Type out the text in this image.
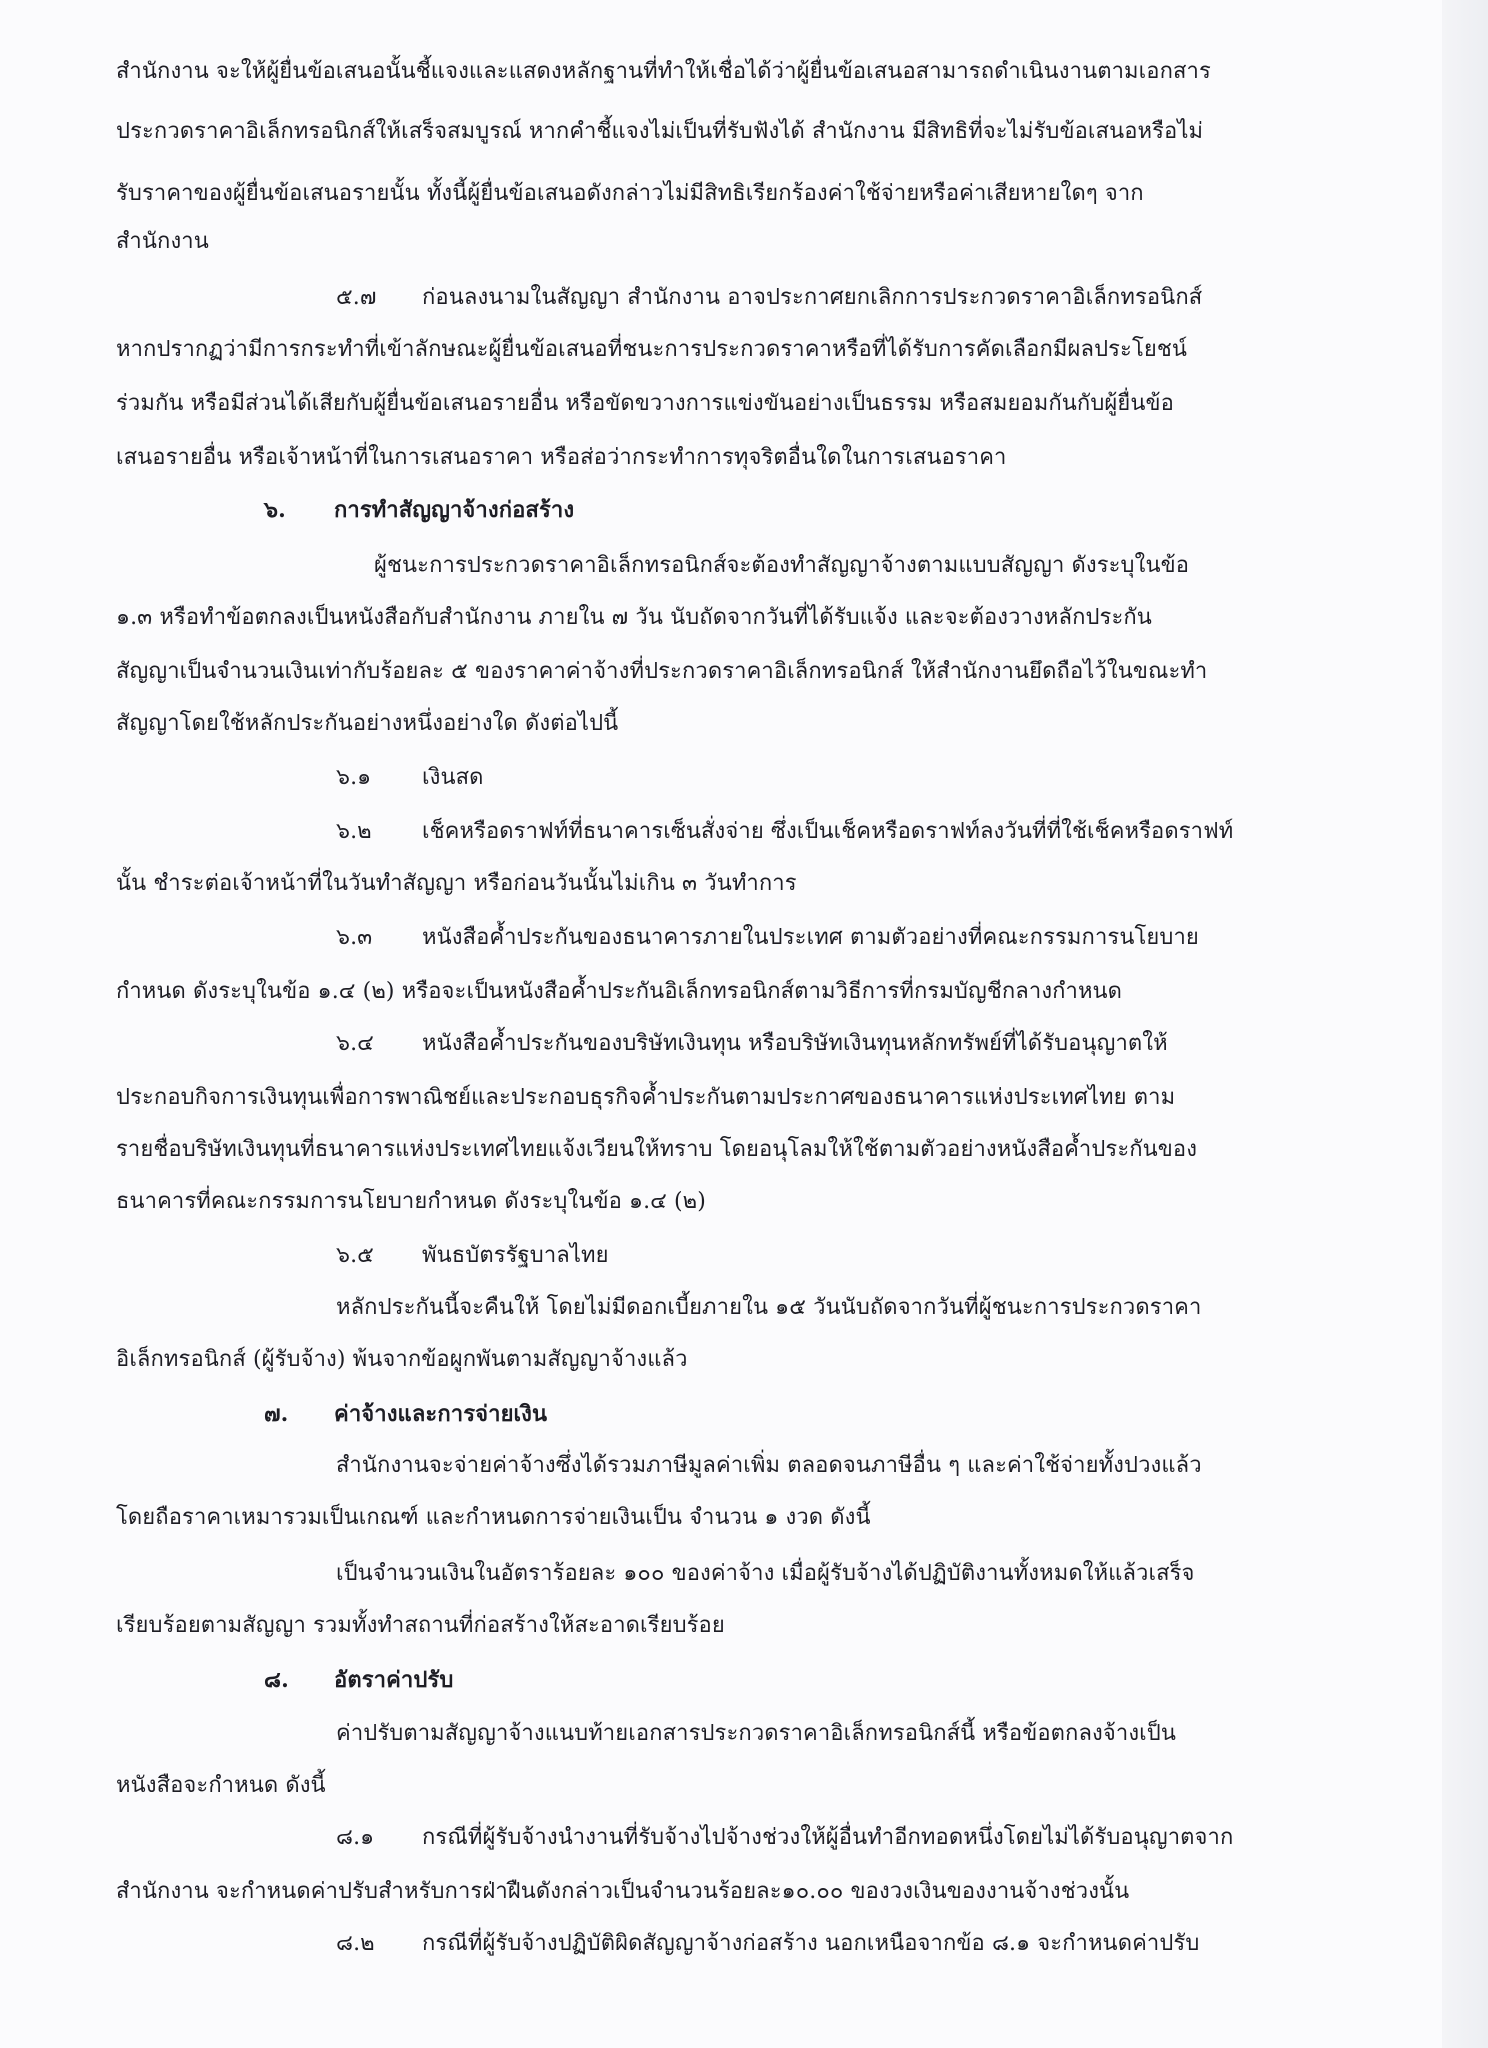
สำนักงาน จะให้ผู้ยื่นข้อเสนอนั้นชี้แจงและแสดงหลักฐานที่ทำให้เชื่อได้ว่าผู้ยื่นข้อเสนอสามารถดำเนินงานตามเอกสาร
ประกวดราคาอิเล็กทรอนิกส์ให้เสร็จสมบูรณ์ หากคำชี้แจงไม่เป็นที่รับฟังได้ สำนักงาน มีสิทธิที่จะไม่รับข้อเสนอหรือไม่
รับราคาของผู้ยื่นข้อเสนอรายนั้น ทั้งนี้ผู้ยื่นข้อเสนอดังกล่าวไม่มีสิทธิเรียกร้องค่าใช้จ่ายหรือค่าเสียหายใดๆ จาก
สำนักงาน
๕.๗ ก่อนลงนามในสัญญา สำนักงาน อาจประกาศยกเลิกการประกวดราคาอิเล็กทรอนิกส์
หากปรากฏว่ามีการกระทำที่เข้าลักษณะผู้ยื่นข้อเสนอที่ชนะการประกวดราคาหรือที่ได้รับการคัดเลือกมีผลประโยชน์
ร่วมกัน หรือมีส่วนได้เสียกับผู้ยื่นข้อเสนอรายอื่น หรือขัดขวางการแข่งขันอย่างเป็นธรรม หรือสมยอมกันกับผู้ยื่นข้อ
เสนอรายอื่น หรือเจ้าหน้าที่ในการเสนอราคา หรือส่อว่ากระทำการทุจริตอื่นใดในการเสนอราคา
๖. การทำสัญญาจ้างก่อสร้าง
ผู้ชนะการประกวดราคาอิเล็กทรอนิกส์จะต้องทำสัญญาจ้างตามแบบสัญญา ดังระบุในข้อ
๑.๓ หรือทำข้อตกลงเป็นหนังสือกับสำนักงาน ภายใน ๗ วัน นับถัดจากวันที่ได้รับแจ้ง และจะต้องวางหลักประกัน
สัญญาเป็นจำนวนเงินเท่ากับร้อยละ ๕ ของราคาค่าจ้างที่ประกวดราคาอิเล็กทรอนิกส์ ให้สำนักงานยึดถือไว้ในขณะทำ
สัญญาโดยใช้หลักประกันอย่างหนึ่งอย่างใด ดังต่อไปนี้
๖.๑ เงินสด
๖.๒ เช็คหรือดราฟท์ที่ธนาคารเซ็นสั่งจ่าย ซึ่งเป็นเช็คหรือดราฟท์ลงวันที่ที่ใช้เช็คหรือดราฟท์
นั้น ชำระต่อเจ้าหน้าที่ในวันทำสัญญา หรือก่อนวันนั้นไม่เกิน ๓ วันทำการ
๖.๓ หนังสือค้ำประกันของธนาคารภายในประเทศ ตามตัวอย่างที่คณะกรรมการนโยบาย
กำหนด ดังระบุในข้อ ๑.๔ (๒) หรือจะเป็นหนังสือค้ำประกันอิเล็กทรอนิกส์ตามวิธีการที่กรมบัญชีกลางกำหนด
๖.๔ หนังสือค้ำประกันของบริษัทเงินทุน หรือบริษัทเงินทุนหลักทรัพย์ที่ได้รับอนุญาตให้
ประกอบกิจการเงินทุนเพื่อการพาณิชย์และประกอบธุรกิจค้ำประกันตามประกาศของธนาคารแห่งประเทศไทย ตาม
รายชื่อบริษัทเงินทุนที่ธนาคารแห่งประเทศไทยแจ้งเวียนให้ทราบ โดยอนุโลมให้ใช้ตามตัวอย่างหนังสือค้ำประกันของ
ธนาคารที่คณะกรรมการนโยบายกำหนด ดังระบุในข้อ ๑.๔ (๒)
๖.๕ พันธบัตรรัฐบาลไทย
หลักประกันนี้จะคืนให้ โดยไม่มีดอกเบี้ยภายใน ๑๕ วันนับถัดจากวันที่ผู้ชนะการประกวดราคา
อิเล็กทรอนิกส์ (ผู้รับจ้าง) พ้นจากข้อผูกพันตามสัญญาจ้างแล้ว
๗. ค่าจ้างและการจ่ายเงิน
สำนักงานจะจ่ายค่าจ้างซึ่งได้รวมภาษีมูลค่าเพิ่ม ตลอดจนภาษีอื่น ๆ และค่าใช้จ่ายทั้งปวงแล้ว
โดยถือราคาเหมารวมเป็นเกณฑ์ และกำหนดการจ่ายเงินเป็น จำนวน ๑ งวด ดังนี้
เป็นจำนวนเงินในอัตราร้อยละ ๑๐๐ ของค่าจ้าง เมื่อผู้รับจ้างได้ปฏิบัติงานทั้งหมดให้แล้วเสร็จ
เรียบร้อยตามสัญญา รวมทั้งทำสถานที่ก่อสร้างให้สะอาดเรียบร้อย
๘. อัตราค่าปรับ
ค่าปรับตามสัญญาจ้างแนบท้ายเอกสารประกวดราคาอิเล็กทรอนิกส์นี้ หรือข้อตกลงจ้างเป็น
หนังสือจะกำหนด ดังนี้
๘.๑ กรณีที่ผู้รับจ้างนำงานที่รับจ้างไปจ้างช่วงให้ผู้อื่นทำอีกทอดหนึ่งโดยไม่ได้รับอนุญาตจาก
สำนักงาน จะกำหนดค่าปรับสำหรับการฝ่าฝืนดังกล่าวเป็นจำนวนร้อยละ๑๐.๐๐ ของวงเงินของงานจ้างช่วงนั้น
๘.๒ กรณีที่ผู้รับจ้างปฏิบัติผิดสัญญาจ้างก่อสร้าง นอกเหนือจากข้อ ๘.๑ จะกำหนดค่าปรับ
